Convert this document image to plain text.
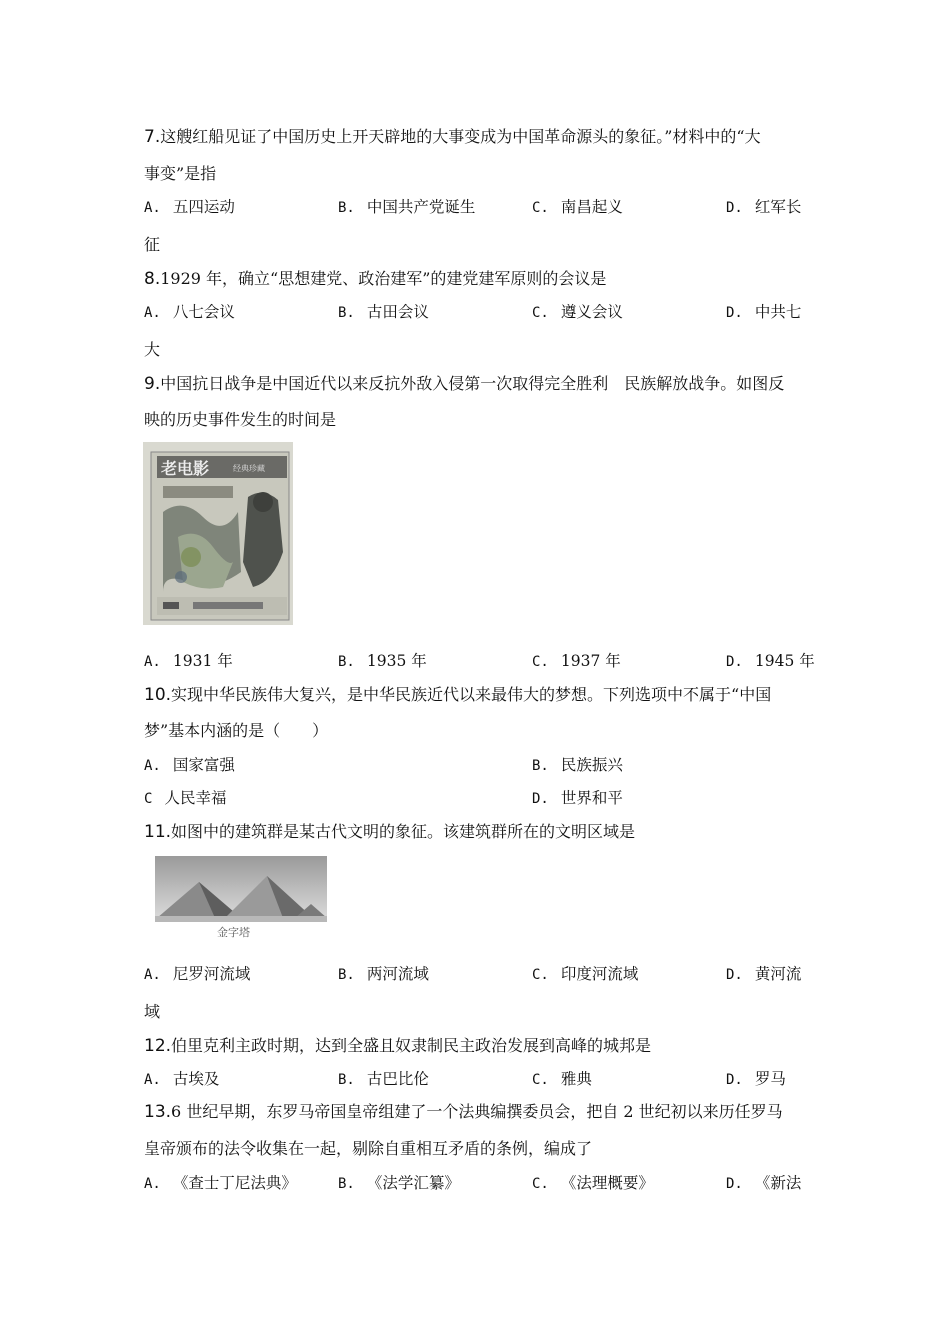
7.这艘红船见证了中国历史上开天辟地的大事变成为中国革命源头的象征。”材料中的“大
事变”是指
A. 五四运动	B. 中国共产党诞生	C. 南昌起义	D. 红军长
征
8.1929 年，确立“思想建党、政治建军”的建党建军原则的会议是
A. 八七会议	B. 古田会议	C. 遵义会议	D. 中共七
大
9.中国抗日战争是中国近代以来反抗外敌入侵第一次取得完全胜利　民族解放战争。如图反
映的历史事件发生的时间是
老电影	经典珍藏
A. 1931 年	B. 1935 年	C. 1937 年	D. 1945 年
10.实现中华民族伟大复兴，是中华民族近代以来最伟大的梦想。下列选项中不属于“中国
梦”基本内涵的是（　　）
A. 国家富强	B. 民族振兴
C 人民幸福	D. 世界和平
11.如图中的建筑群是某古代文明的象征。该建筑群所在的文明区域是
金字塔
A. 尼罗河流域	B. 两河流域	C. 印度河流域	D. 黄河流
域
12.伯里克利主政时期，达到全盛且奴隶制民主政治发展到高峰的城邦是
A. 古埃及	B. 古巴比伦	C. 雅典	D. 罗马
13.6 世纪早期，东罗马帝国皇帝组建了一个法典编撰委员会，把自 2 世纪初以来历任罗马
皇帝颁布的法令收集在一起，剔除自重相互矛盾的条例，编成了
A. 《查士丁尼法典》	B. 《法学汇纂》	C. 《法理概要》	D. 《新法
